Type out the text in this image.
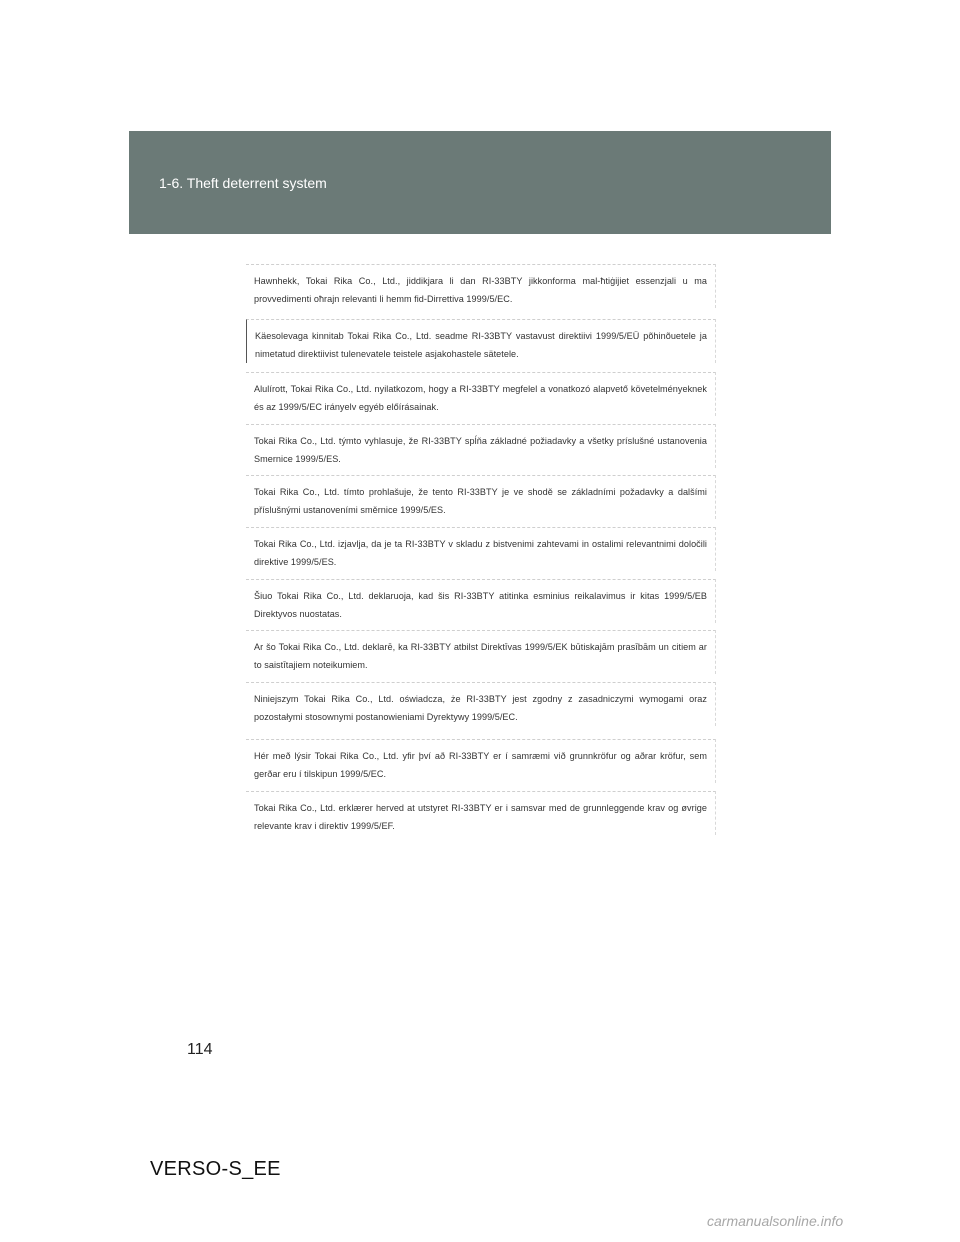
1-6. Theft deterrent system

Hawnhekk, Tokai Rika Co., Ltd., jiddikjara li dan RI-33BTY jikkonforma mal-ħtiġijiet essenzjali u ma provvedimenti oħrajn relevanti li hemm fid-Dirrettiva 1999/5/EC.

Käesolevaga kinnitab Tokai Rika Co., Ltd. seadme RI-33BTY vastavust direktiivi 1999/5/EÜ põhinõuetele ja nimetatud direktiivist tulenevatele teistele asjakohastele sätetele.

Alulírott, Tokai Rika Co., Ltd. nyilatkozom, hogy a RI-33BTY megfelel a vonatkozó alapvető követelményeknek és az 1999/5/EC irányelv egyéb előírásainak.

Tokai Rika Co., Ltd. týmto vyhlasuje, že RI-33BTY spĺňa základné požiadavky a všetky príslušné ustanovenia Smernice 1999/5/ES.

Tokai Rika Co., Ltd. tímto prohlašuje, že tento RI-33BTY je ve shodě se základními požadavky a dalšími příslušnými ustanoveními směrnice 1999/5/ES.

Tokai Rika Co., Ltd. izjavlja, da je ta RI-33BTY v skladu z bistvenimi zahtevami in ostalimi relevantnimi določili direktive 1999/5/ES.

Šiuo Tokai Rika Co., Ltd. deklaruoja, kad šis RI-33BTY atitinka esminius reikalavimus ir kitas 1999/5/EB Direktyvos nuostatas.

Ar šo Tokai Rika Co., Ltd. deklarē, ka RI-33BTY atbilst Direktīvas 1999/5/EK būtiskajām prasībām un citiem ar to saistītajiem noteikumiem.

Niniejszym Tokai Rika Co., Ltd. oświadcza, że RI-33BTY jest zgodny z zasadniczymi wymogami oraz pozostałymi stosownymi postanowieniami Dyrektywy 1999/5/EC.

Hér með lýsir Tokai Rika Co., Ltd. yfir því að RI-33BTY er í samræmi við grunnkröfur og aðrar kröfur, sem gerðar eru í tilskipun 1999/5/EC.

Tokai Rika Co., Ltd. erklærer herved at utstyret RI-33BTY er i samsvar med de grunnleggende krav og øvrige relevante krav i direktiv 1999/5/EF.

114
VERSO-S_EE
carmanualsonline.info
